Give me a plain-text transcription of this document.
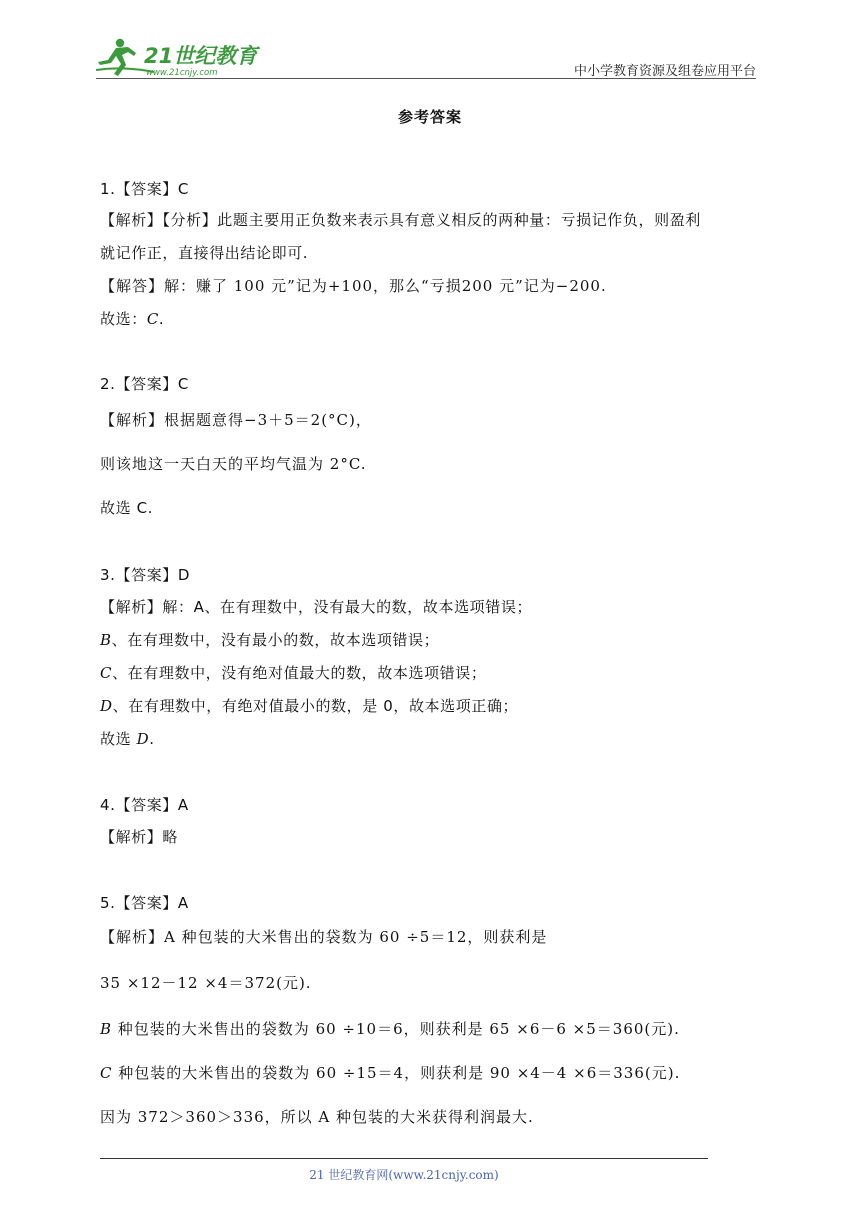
21世纪教育
www.21cnjy.com	中小学教育资源及组卷应用平台
参考答案
1.【答案】C
【解析】【分析】此题主要用正负数来表示具有意义相反的两种量：亏损记作负，则盈利
就记作正，直接得出结论即可.
【解答】解：赚了 100 元”记为+100，那么“亏损200 元”记为−200.
故选：C.
2.【答案】C
【解析】根据题意得−3＋5＝2(°C)，
则该地这一天白天的平均气温为 2°C.
故选 C.
3.【答案】D
【解析】解：A、在有理数中，没有最大的数，故本选项错误；
B、在有理数中，没有最小的数，故本选项错误；
C、在有理数中，没有绝对值最大的数，故本选项错误；
D、在有理数中，有绝对值最小的数，是 0，故本选项正确；
故选 D.
4.【答案】A
【解析】略
5.【答案】A
【解析】A 种包装的大米售出的袋数为 60 ÷5＝12，则获利是
35 ×12－12 ×4＝372(元).
B 种包装的大米售出的袋数为 60 ÷10＝6，则获利是 65 ×6－6 ×5＝360(元).
C 种包装的大米售出的袋数为 60 ÷15＝4，则获利是 90 ×4－4 ×6＝336(元).
因为 372＞360＞336，所以 A 种包装的大米获得利润最大.
21 世纪教育网(www.21cnjy.com)
